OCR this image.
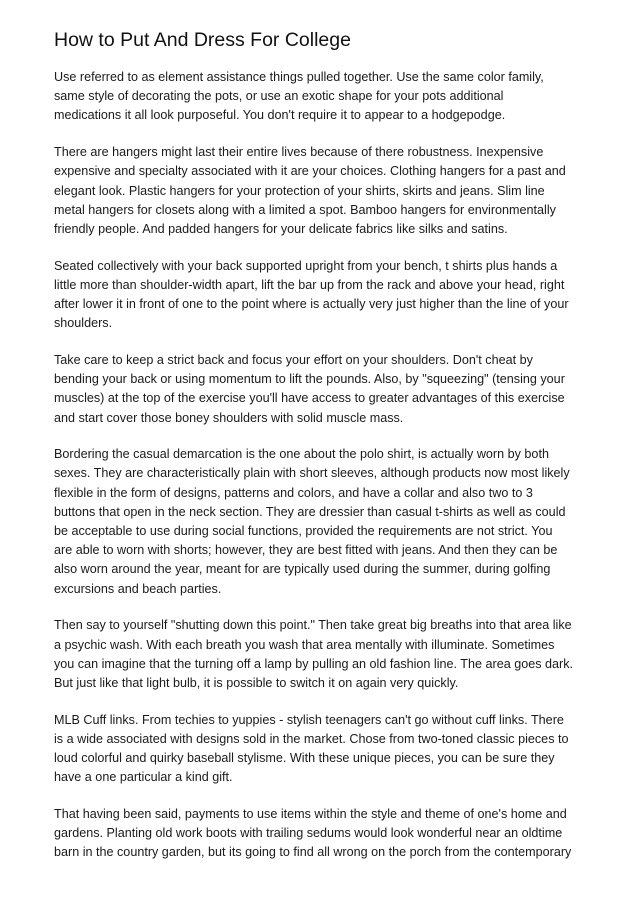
How to Put And Dress For College

Use referred to as element assistance things pulled together. Use the same color family,
same style of decorating the pots, or use an exotic shape for your pots additional
medications it all look purposeful. You don't require it to appear to a hodgepodge.

There are hangers might last their entire lives because of there robustness. Inexpensive
expensive and specialty associated with it are your choices. Clothing hangers for a past and
elegant look. Plastic hangers for your protection of your shirts, skirts and jeans. Slim line
metal hangers for closets along with a limited a spot. Bamboo hangers for environmentally
friendly people. And padded hangers for your delicate fabrics like silks and satins.

Seated collectively with your back supported upright from your bench, t shirts plus hands a
little more than shoulder-width apart, lift the bar up from the rack and above your head, right
after lower it in front of one to the point where is actually very just higher than the line of your
shoulders.

Take care to keep a strict back and focus your effort on your shoulders. Don't cheat by
bending your back or using momentum to lift the pounds. Also, by "squeezing" (tensing your
muscles) at the top of the exercise you'll have access to greater advantages of this exercise
and start cover those boney shoulders with solid muscle mass.

Bordering the casual demarcation is the one about the polo shirt, is actually worn by both
sexes. They are characteristically plain with short sleeves, although products now most likely
flexible in the form of designs, patterns and colors, and have a collar and also two to 3
buttons that open in the neck section. They are dressier than casual t-shirts as well as could
be acceptable to use during social functions, provided the requirements are not strict. You
are able to worn with shorts; however, they are best fitted with jeans. And then they can be
also worn around the year, meant for are typically used during the summer, during golfing
excursions and beach parties.

Then say to yourself "shutting down this point." Then take great big breaths into that area like
a psychic wash. With each breath you wash that area mentally with illuminate. Sometimes
you can imagine that the turning off a lamp by pulling an old fashion line. The area goes dark.
But just like that light bulb, it is possible to switch it on again very quickly.

MLB Cuff links. From techies to yuppies - stylish teenagers can't go without cuff links. There
is a wide associated with designs sold in the market. Chose from two-toned classic pieces to
loud colorful and quirky baseball stylisme. With these unique pieces, you can be sure they
have a one particular a kind gift.

That having been said, payments to use items within the style and theme of one's home and
gardens. Planting old work boots with trailing sedums would look wonderful near an oldtime
barn in the country garden, but its going to find all wrong on the porch from the contemporary
